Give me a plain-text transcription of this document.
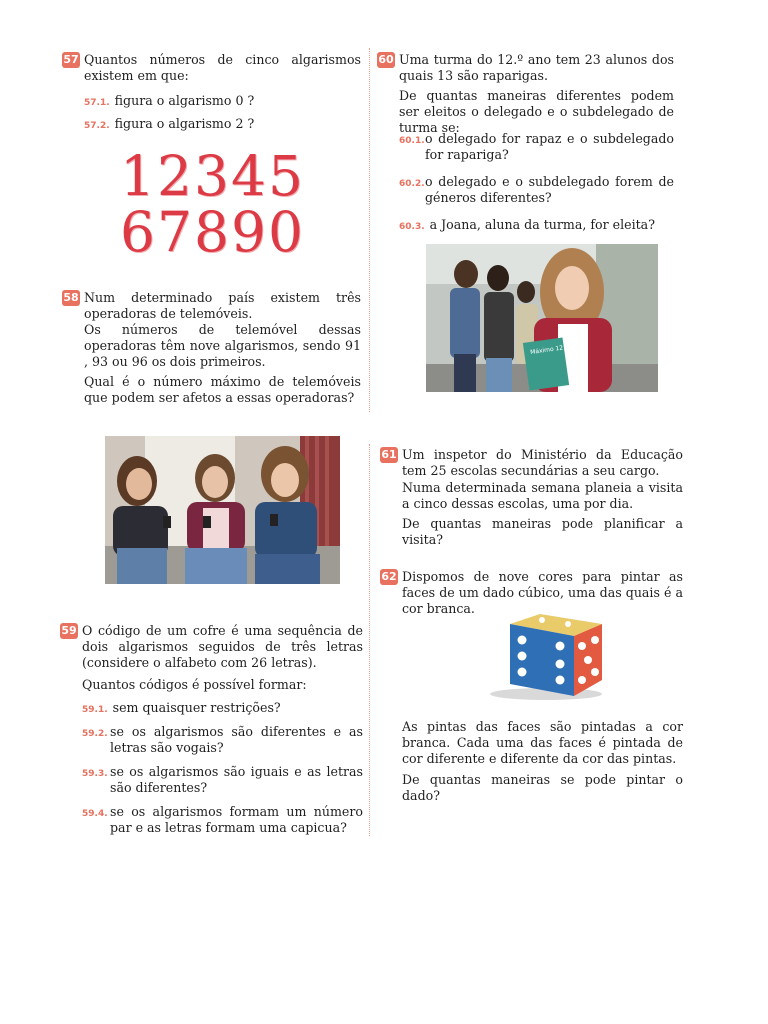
57 Quantos números de cinco algarismos existem em que:

57.1. figura o algarismo 0 ?

57.2. figura o algarismo 2 ?

12345
67890
58 Num determinado país existem três operadoras de telemóveis.

Os números de telemóvel dessas operadoras têm nove algarismos, sendo 91 , 93 ou 96 os dois primeiros.

Qual é o número máximo de telemóveis que podem ser afetos a essas operadoras?

59 O código de um cofre é uma sequência de dois algarismos seguidos de três letras (considere o alfabeto com 26 letras).

Quantos códigos é possível formar:

59.1. sem quaisquer restrições?

59.2. se os algarismos são diferentes e as letras são vogais?

59.3. se os algarismos são iguais e as letras são diferentes?

59.4. se os algarismos formam um número par e as letras formam uma capicua?

60 Uma turma do 12.º ano tem 23 alunos dos quais 13 são raparigas.

De quantas maneiras diferentes podem ser eleitos o delegado e o subdelegado de turma se:

60.1. o delegado for rapaz e o subdelegado for rapariga?

60.2. o delegado e o subdelegado forem de géneros diferentes?

60.3. a Joana, aluna da turma, for eleita?

Máximo 12
61 Um inspetor do Ministério da Educação tem 25 escolas secundárias a seu cargo.

Numa determinada semana planeia a visita a cinco dessas escolas, uma por dia.

De quantas maneiras pode planificar a visita?

62 Dispomos de nove cores para pintar as faces de um dado cúbico, uma das quais é a cor branca.

As pintas das faces são pintadas a cor branca. Cada uma das faces é pintada de cor diferente e diferente da cor das pintas.

De quantas maneiras se pode pintar o dado?
